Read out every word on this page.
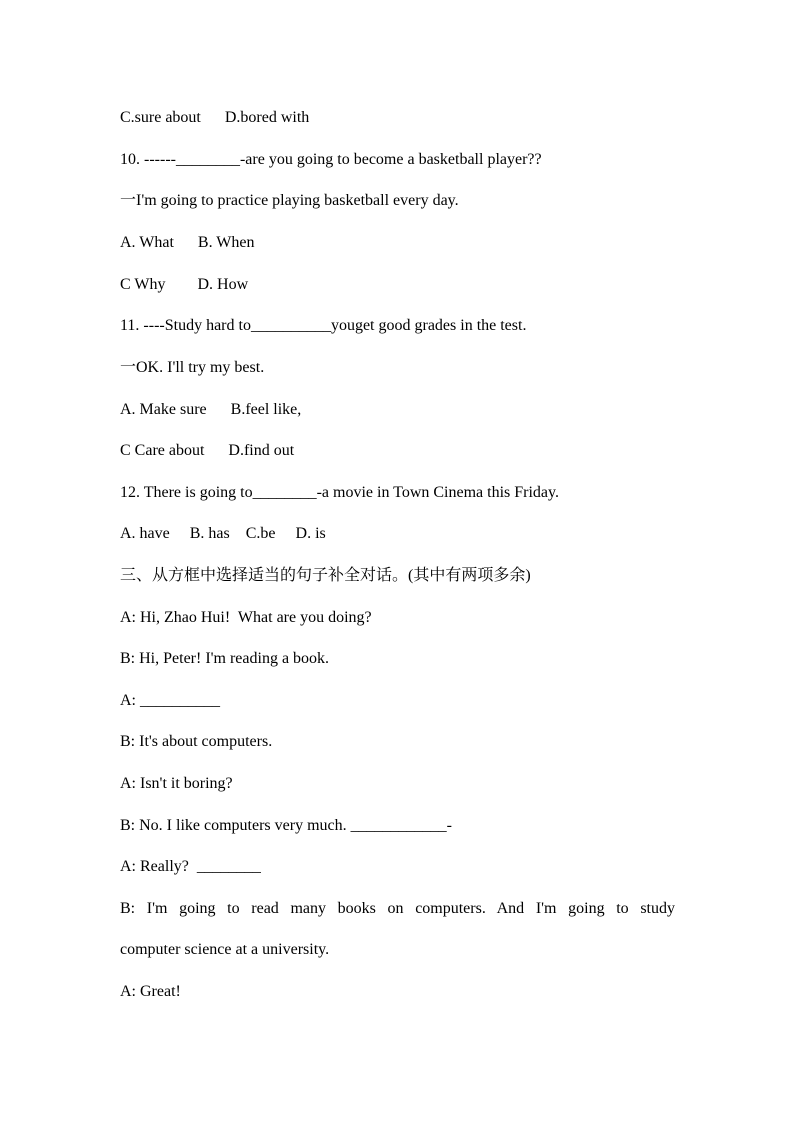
C.sure about      D.bored with
10. ------________-are you going to become a basketball player??
一I'm going to practice playing basketball every day.
A. What      B. When
C Why        D. How
11. ----Study hard to__________youget good grades in the test.
一OK. I'll try my best.
A. Make sure      B.feel like,
C Care about      D.find out
12. There is going to________-a movie in Town Cinema this Friday.
A. have     B. has    C.be     D. is
三、从方框中选择适当的句子补全对话。(其中有两项多余)
A: Hi, Zhao Hui!  What are you doing?
B: Hi, Peter! I'm reading a book.
A: __________
B: It's about computers.
A: Isn't it boring?
B: No. I like computers very much. ____________-
A: Really?  ________
B: I'm going to read many books on computers. And I'm going to study
computer science at a university.
A: Great!
